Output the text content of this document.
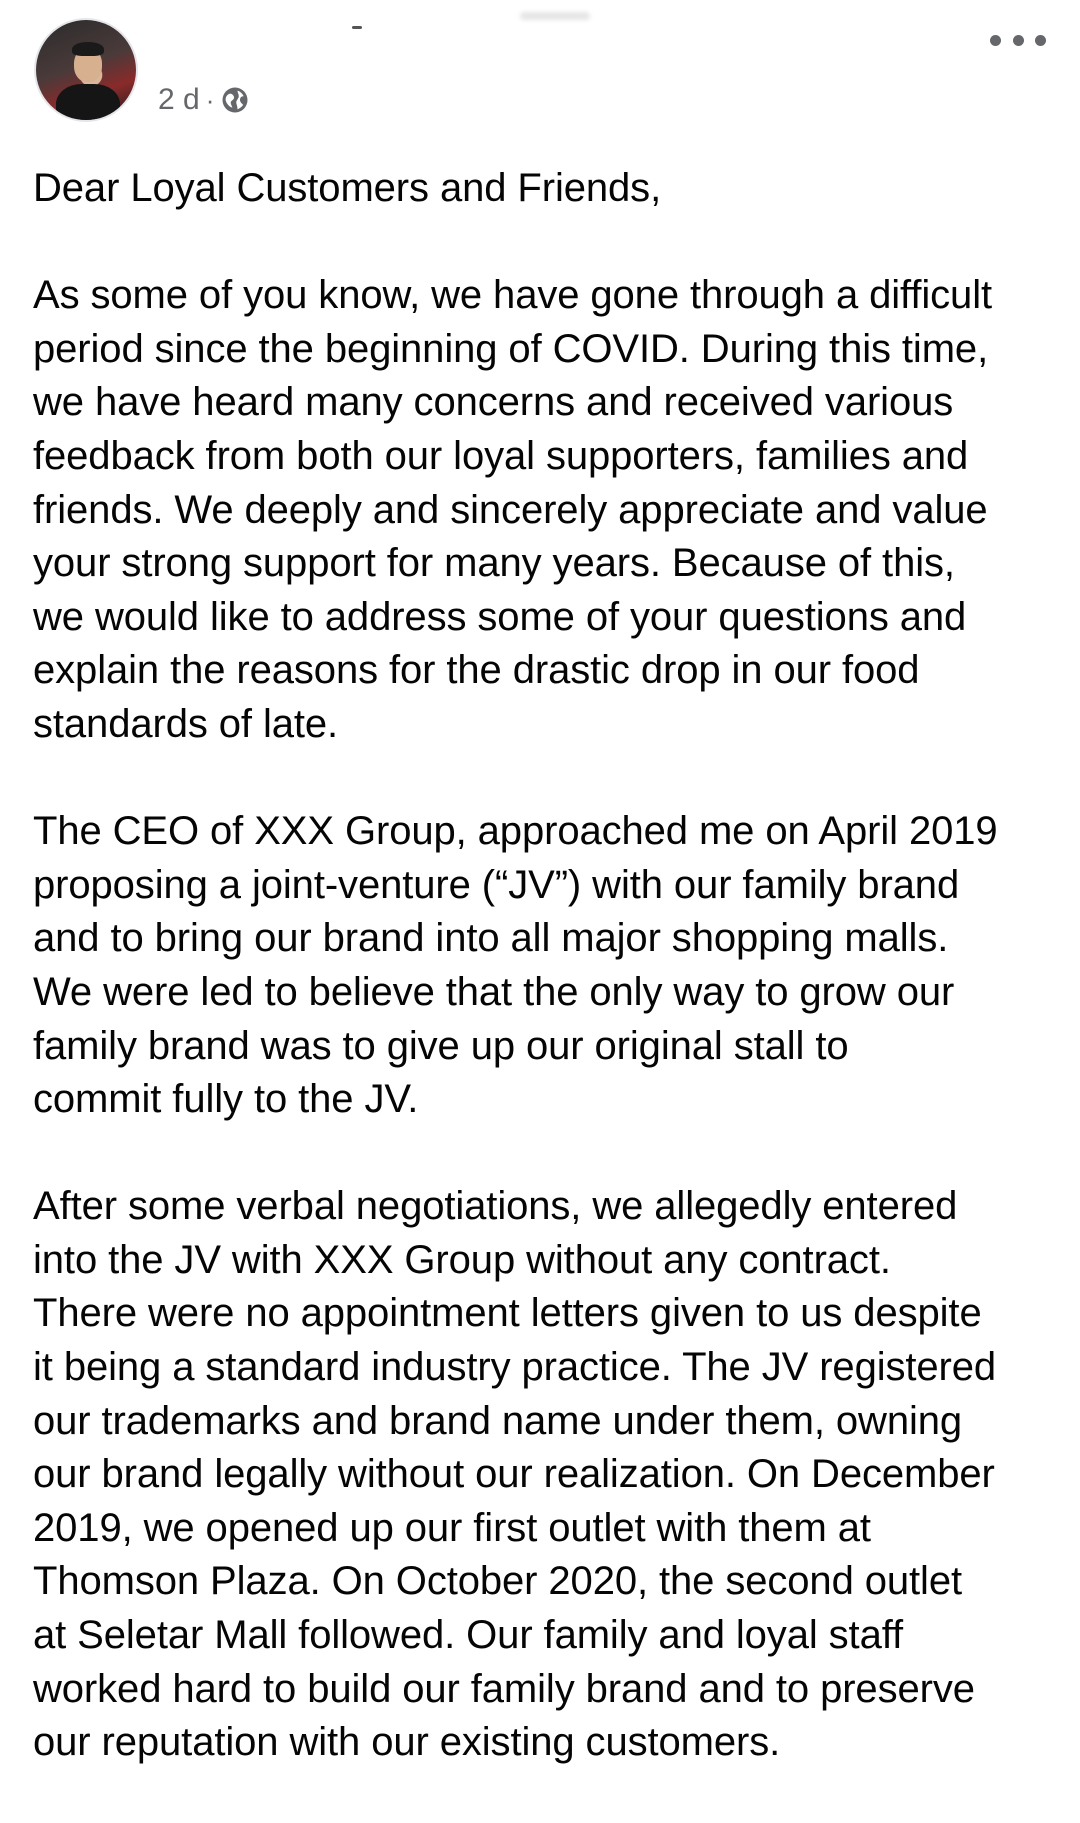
2 d ·

Dear Loyal Customers and Friends,

As some of you know, we have gone through a difficult
period since the beginning of COVID. During this time,
we have heard many concerns and received various
feedback from both our loyal supporters, families and
friends. We deeply and sincerely appreciate and value
your strong support for many years. Because of this,
we would like to address some of your questions and
explain the reasons for the drastic drop in our food
standards of late.

The CEO of XXX Group, approached me on April 2019
proposing a joint-venture (“JV”) with our family brand
and to bring our brand into all major shopping malls.
We were led to believe that the only way to grow our
family brand was to give up our original stall to
commit fully to the JV.

After some verbal negotiations, we allegedly entered
into the JV with XXX Group without any contract.
There were no appointment letters given to us despite
it being a standard industry practice. The JV registered
our trademarks and brand name under them, owning
our brand legally without our realization. On December
2019, we opened up our first outlet with them at
Thomson Plaza. On October 2020, the second outlet
at Seletar Mall followed. Our family and loyal staff
worked hard to build our family brand and to preserve
our reputation with our existing customers.
